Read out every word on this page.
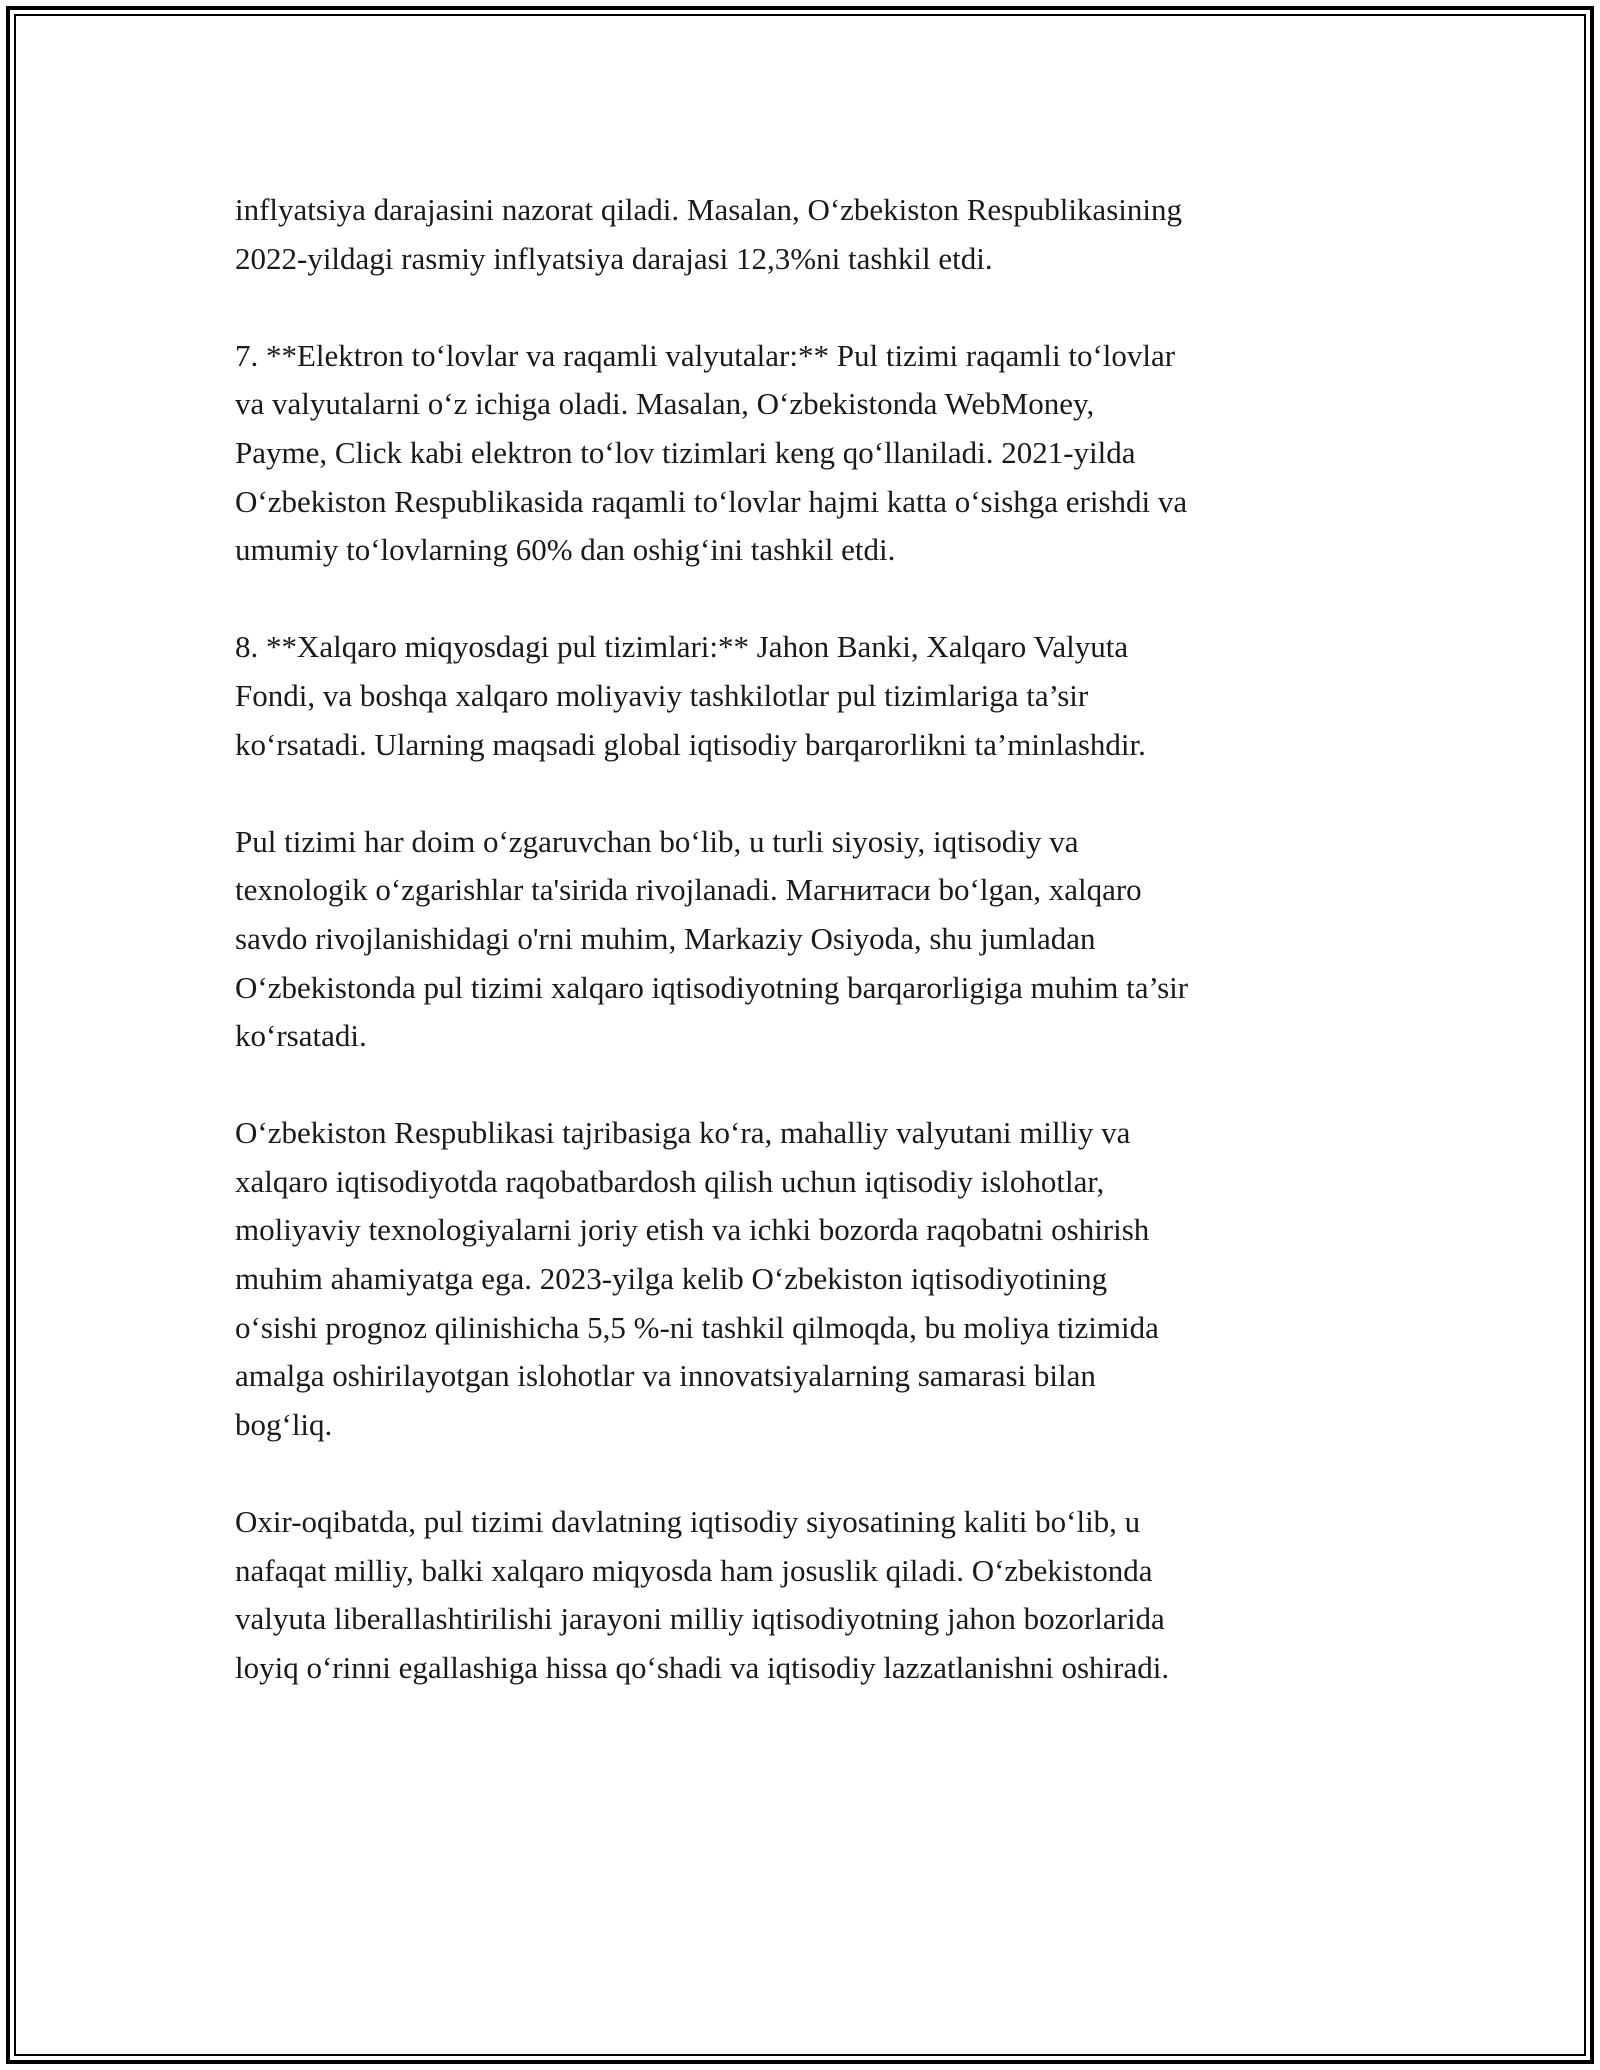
inflyatsiya darajasini nazorat qiladi. Masalan, O‘zbekiston Respublikasining
2022-yildagi rasmiy inflyatsiya darajasi 12,3%ni tashkil etdi.

7. **Elektron to‘lovlar va raqamli valyutalar:** Pul tizimi raqamli to‘lovlar
va valyutalarni o‘z ichiga oladi. Masalan, O‘zbekistonda WebMoney,
Payme, Click kabi elektron to‘lov tizimlari keng qo‘llaniladi. 2021-yilda
O‘zbekiston Respublikasida raqamli to‘lovlar hajmi katta o‘sishga erishdi va
umumiy to‘lovlarning 60% dan oshig‘ini tashkil etdi.

8. **Xalqaro miqyosdagi pul tizimlari:** Jahon Banki, Xalqaro Valyuta
Fondi, va boshqa xalqaro moliyaviy tashkilotlar pul tizimlariga ta’sir
ko‘rsatadi. Ularning maqsadi global iqtisodiy barqarorlikni ta’minlashdir.

Pul tizimi har doim o‘zgaruvchan bo‘lib, u turli siyosiy, iqtisodiy va
texnologik o‘zgarishlar ta'sirida rivojlanadi. Магнитаси bo‘lgan, xalqaro
savdo rivojlanishidagi o'rni muhim, Markaziy Osiyoda, shu jumladan
O‘zbekistonda pul tizimi xalqaro iqtisodiyotning barqarorligiga muhim ta’sir
ko‘rsatadi.

O‘zbekiston Respublikasi tajribasiga ko‘ra, mahalliy valyutani milliy va
xalqaro iqtisodiyotda raqobatbardosh qilish uchun iqtisodiy islohotlar,
moliyaviy texnologiyalarni joriy etish va ichki bozorda raqobatni oshirish
muhim ahamiyatga ega. 2023-yilga kelib O‘zbekiston iqtisodiyotining
o‘sishi prognoz qilinishicha 5,5 %-ni tashkil qilmoqda, bu moliya tizimida
amalga oshirilayotgan islohotlar va innovatsiyalarning samarasi bilan
bog‘liq.

Oxir-oqibatda, pul tizimi davlatning iqtisodiy siyosatining kaliti bo‘lib, u
nafaqat milliy, balki xalqaro miqyosda ham josuslik qiladi. O‘zbekistonda
valyuta liberallashtirilishi jarayoni milliy iqtisodiyotning jahon bozorlarida
loyiq o‘rinni egallashiga hissa qo‘shadi va iqtisodiy lazzatlanishni oshiradi.
